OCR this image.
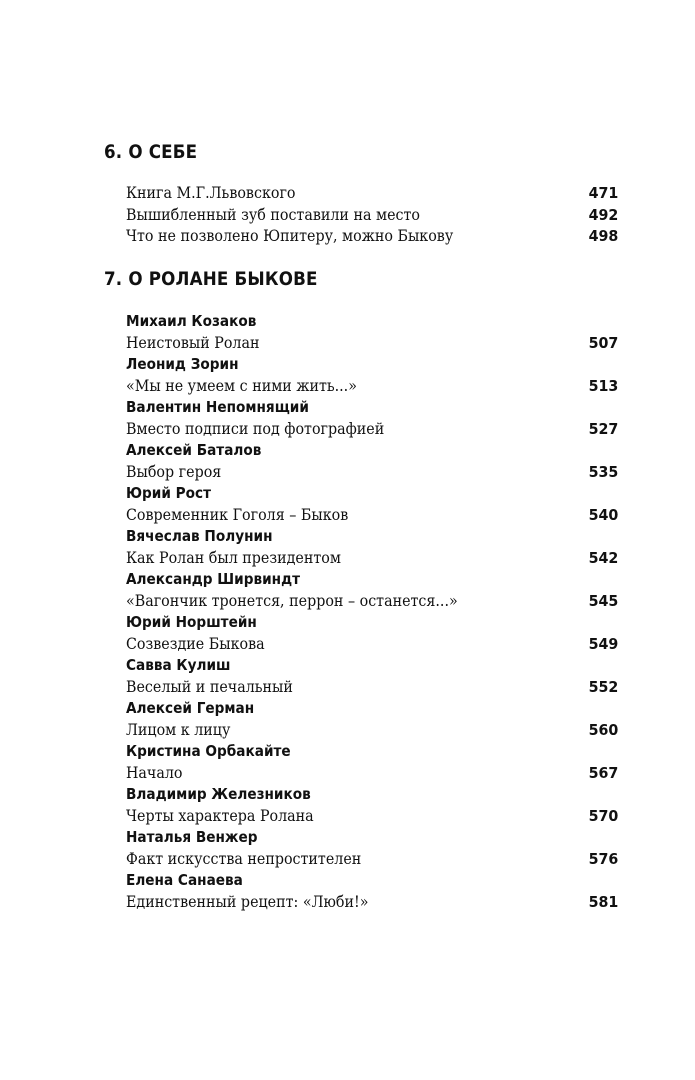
6. О СЕБЕ
Книга М.Г.Львовского	471
Вышибленный зуб поставили на место	492
Что не позволено Юпитеру, можно Быкову	498
7. О РОЛАНЕ БЫКОВЕ
Михаил Козаков
Неистовый Ролан	507
Леонид Зорин
«Мы не умеем с ними жить...»	513
Валентин Непомнящий
Вместо подписи под фотографией	527
Алексей Баталов
Выбор героя	535
Юрий Рост
Современник Гоголя – Быков	540
Вячеслав Полунин
Как Ролан был президентом	542
Александр Ширвиндт
«Вагончик тронется, перрон – останется...»	545
Юрий Норштейн
Созвездие Быкова	549
Савва Кулиш
Веселый и печальный	552
Алексей Герман
Лицом к лицу	560
Кристина Орбакайте
Начало	567
Владимир Железников
Черты характера Ролана	570
Наталья Венжер
Факт искусства непростителен	576
Елена Санаева
Единственный рецепт: «Люби!»	581
